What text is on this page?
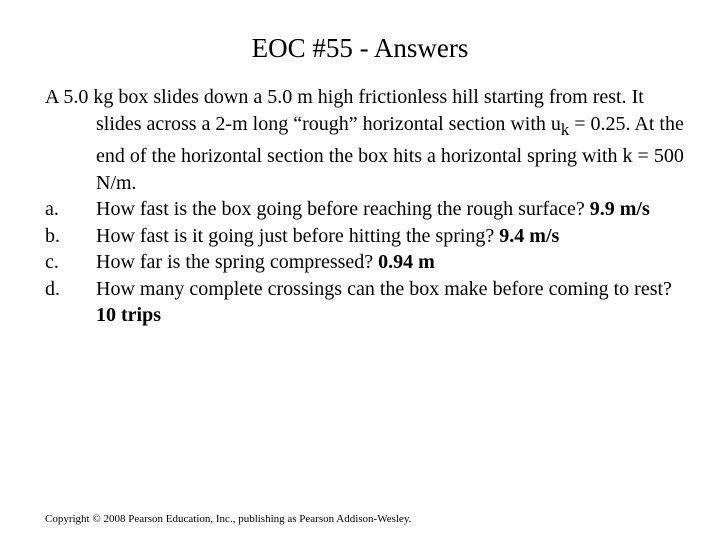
EOC #55 - Answers
A 5.0 kg box slides down a 5.0 m high frictionless hill starting from rest. It slides across a 2-m long “rough” horizontal section with $u_k = 0.25$. At the end of the horizontal section the box hits a horizontal spring with k = 500 N/m.
a.	How fast is the box going before reaching the rough surface? 9.9 m/s
b.	How fast is it going just before hitting the spring? 9.4 m/s
c.	How far is the spring compressed? 0.94 m
d.	How many complete crossings can the box make before coming to rest? 10 trips
Copyright © 2008 Pearson Education, Inc., publishing as Pearson Addison-Wesley.
